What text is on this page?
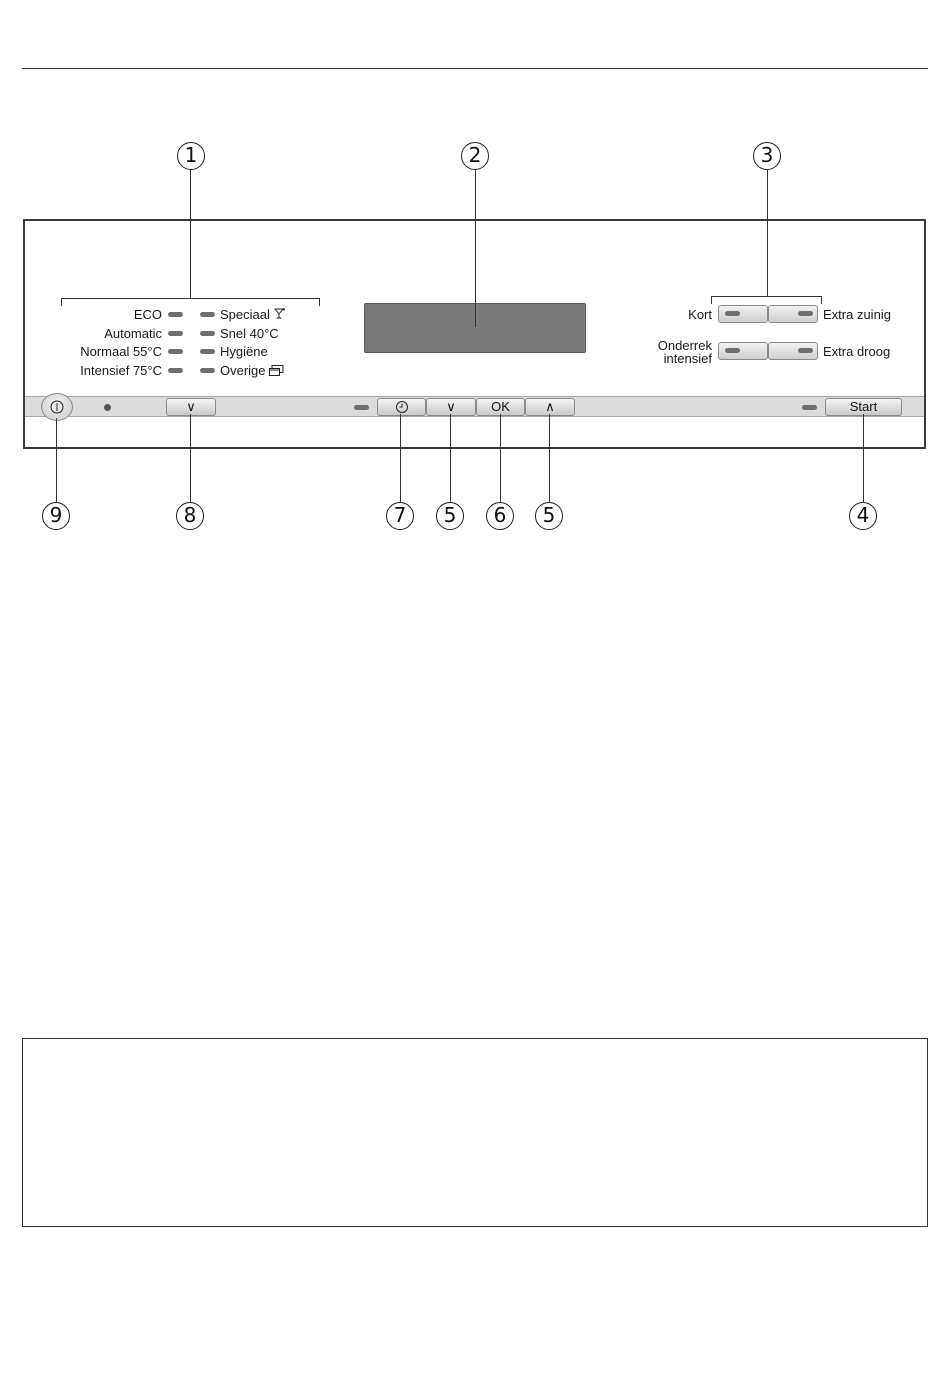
1	2	3
ECO
Automatic
Normaal 55°C
Intensief 75°C
Speciaal
Snel 40°C
Hygiëne
Overige
Kort	Extra zuinig
Onderrek
intensief	Extra droog
∨	∨	OK	∧	Start
9	8	7	5	6	5	4
